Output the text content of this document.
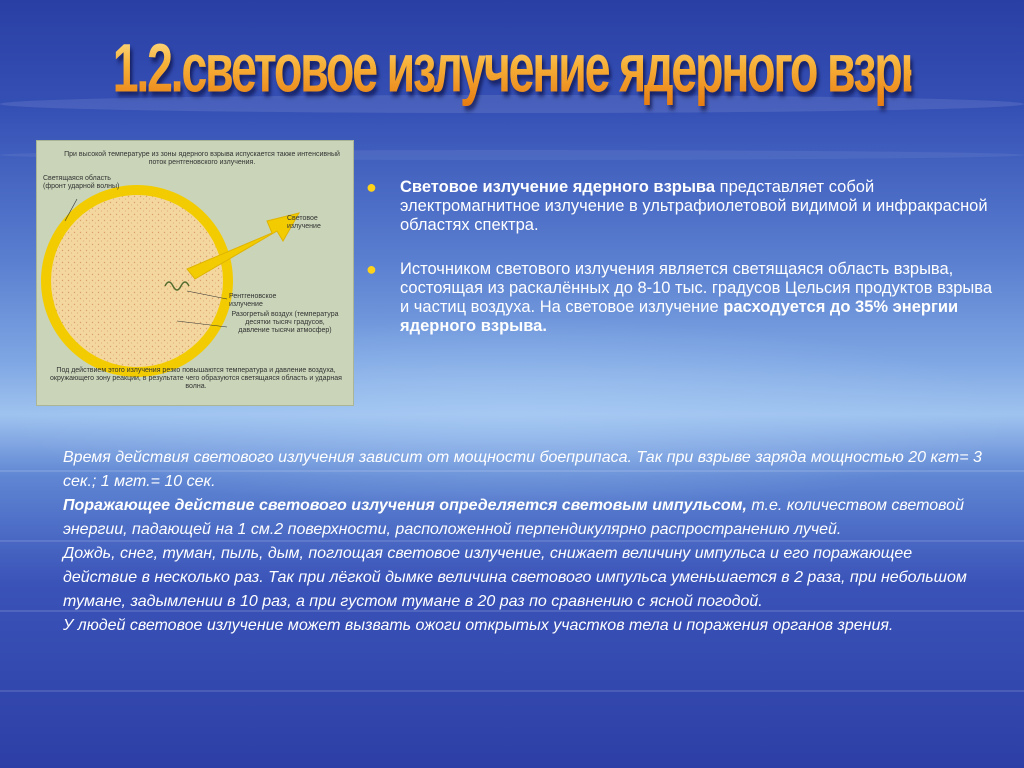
1.2.световое излучение ядерного взрыва
При высокой температуре из зоны ядерного взрыва испускается также интенсивный поток рентгеновского излучения.
Светящаяся область (фронт ударной волны)
Световое излучение
Рентгеновское излучение
Разогретый воздух (температура десятки тысяч градусов, давление тысячи атмосфер)
Под действием этого излучения резко повышаются температура и давление воздуха, окружающего зону реакции, в результате чего образуются светящаяся область и ударная волна.
● Световое излучение ядерного взрыва представляет собой электромагнитное излучение в ультрафиолетовой видимой и инфракрасной областях спектра.
● Источником светового излучения является светящаяся область взрыва, состоящая из раскалённых до 8-10 тыс. градусов Цельсия продуктов взрыва и частиц воздуха. На световое излучение расходуется до 35% энергии ядерного взрыва.

Время действия светового излучения зависит от мощности боеприпаса. Так при взрыве заряда мощностью 20 кгт= 3 сек.; 1 мгт.= 10 сек.

Поражающее действие светового излучения определяется световым импульсом, т.е. количеством световой энергии, падающей на 1 см.2 поверхности, расположенной перпендикулярно распространению лучей.

Дождь, снег, туман, пыль, дым, поглощая световое излучение, снижает величину импульса и его поражающее действие в несколько раз. Так при лёгкой дымке величина светового импульса уменьшается в 2 раза, при небольшом тумане, задымлении в 10 раз, а при густом тумане в 20 раз по сравнению с ясной погодой.

У людей световое излучение может вызвать ожоги открытых участков тела и поражения органов зрения.
